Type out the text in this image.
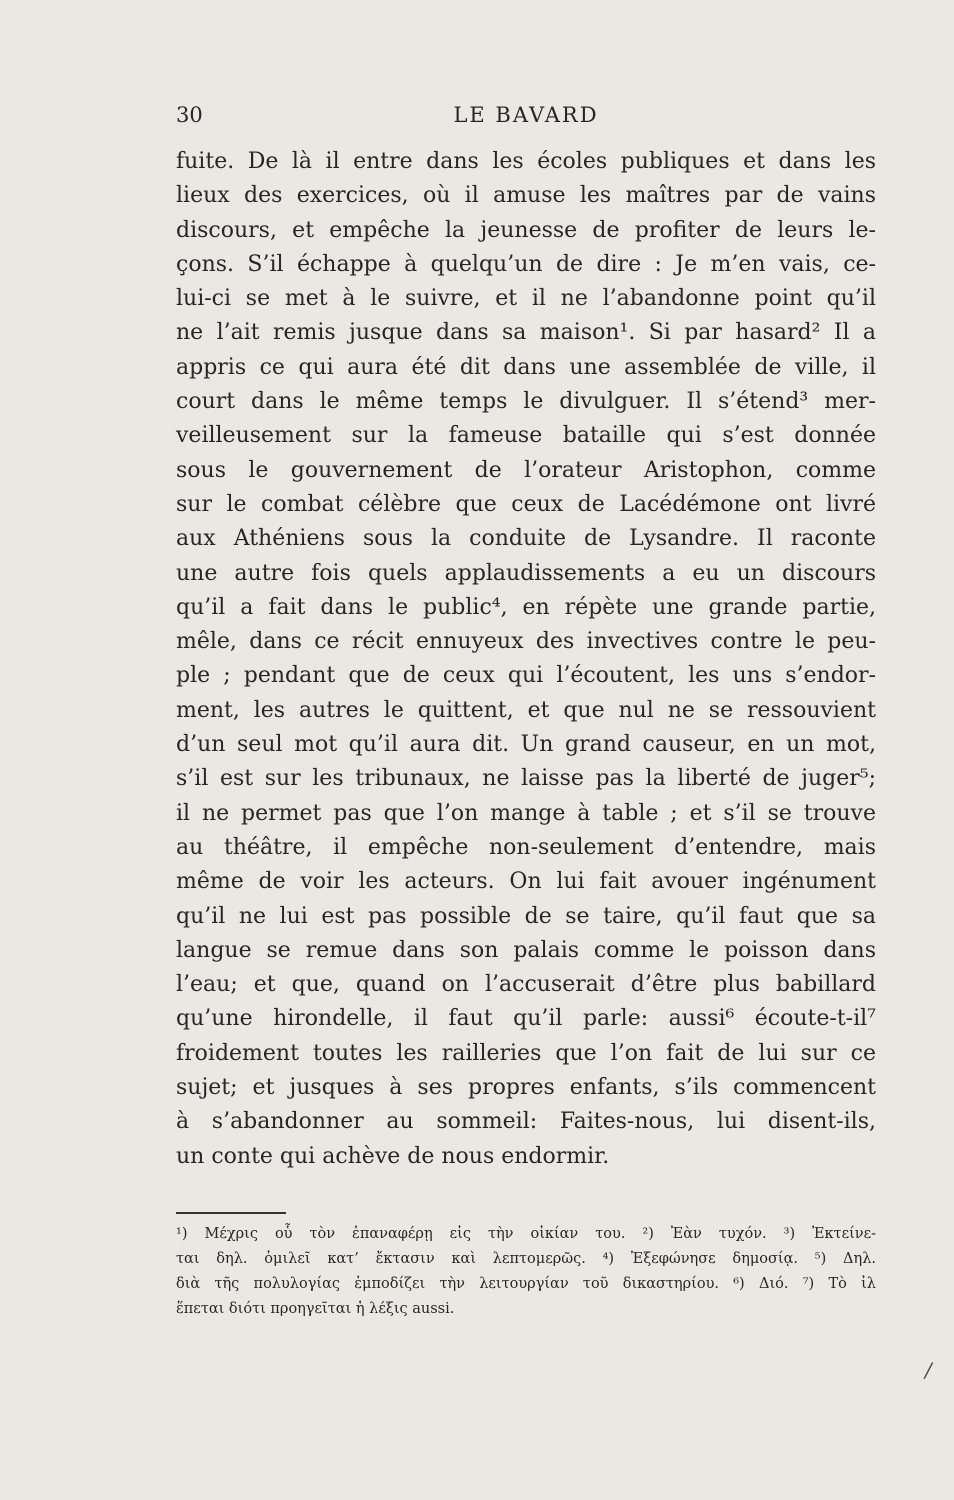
30	LE BAVARD
fuite. De là il entre dans les écoles publiques et dans les
lieux des exercices, où il amuse les maîtres par de vains
discours, et empêche la jeunesse de profiter de leurs le-
çons. S’il échappe à quelqu’un de dire : Je m’en vais, ce-
lui-ci se met à le suivre, et il ne l’abandonne point qu’il
ne l’ait remis jusque dans sa maison¹. Si par hasard² Il a
appris ce qui aura été dit dans une assemblée de ville, il
court dans le même temps le divulguer. Il s’étend³ mer-
veilleusement sur la fameuse bataille qui s’est donnée
sous le gouvernement de l’orateur Aristophon, comme
sur le combat célèbre que ceux de Lacédémone ont livré
aux Athéniens sous la conduite de Lysandre. Il raconte
une autre fois quels applaudissements a eu un discours
qu’il a fait dans le public⁴, en répète une grande partie,
mêle, dans ce récit ennuyeux des invectives contre le peu-
ple ; pendant que de ceux qui l’écoutent, les uns s’endor-
ment, les autres le quittent, et que nul ne se ressouvient
d’un seul mot qu’il aura dit. Un grand causeur, en un mot,
s’il est sur les tribunaux, ne laisse pas la liberté de juger⁵;
il ne permet pas que l’on mange à table ; et s’il se trouve
au théâtre, il empêche non-seulement d’entendre, mais
même de voir les acteurs. On lui fait avouer ingénument
qu’il ne lui est pas possible de se taire, qu’il faut que sa
langue se remue dans son palais comme le poisson dans
l’eau; et que, quand on l’accuserait d’être plus babillard
qu’une hirondelle, il faut qu’il parle: aussi⁶ écoute-t-il⁷
froidement toutes les railleries que l’on fait de lui sur ce
sujet; et jusques à ses propres enfants, s’ils commencent
à s’abandonner au sommeil: Faites-nous, lui disent-ils,
un conte qui achève de nous endormir.
¹) Μέχρις οὗ τὸν ἐπαναφέρῃ εἰς τὴν οἰκίαν του. ²) Ἐὰν τυχόν. ³) Ἐκτείνε-
ται δηλ. ὁμιλεῖ κατ’ ἔκτασιν καὶ λεπτομερῶς. ⁴) Ἐξεφώνησε δημοσίᾳ. ⁵) Δηλ.
διὰ τῆς πολυλογίας ἐμποδίζει τὴν λειτουργίαν τοῦ δικαστηρίου. ⁶) Διό. ⁷) Τὸ ἰλ
ἕπεται διότι προηγεῖται ἡ λέξις aussi.
/
